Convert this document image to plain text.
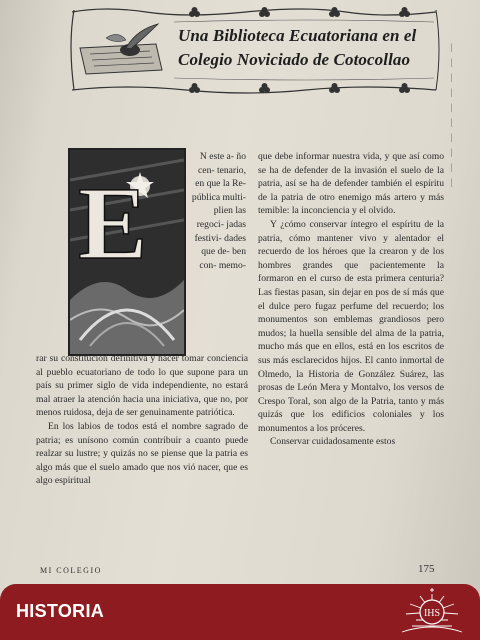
Una Biblioteca Ecuatoriana en el
Colegio Noviciado de Cotocollao
|
|
|
|
|
|
|
|
|
|
E

N este a- ño cen- tenario, en que la Re- pública multi- plien las regoci- jadas festivi- dades que de- ben con- memo-

rar su constitución definitiva y hacer tomar conciencia al pueblo ecuatoriano de todo lo que supone para un país su primer siglo de vida independiente, no estará mal atraer la atención hacia una iniciativa, que no, por menos ruidosa, deja de ser genuinamente patriótica.

En los labios de todos está el nombre sagrado de patria; es unísono común contribuir a cuanto puede realzar su lustre; y quizás no se piense que la patria es algo más que el suelo amado que nos vió nacer, que es algo espiritual

que debe informar nuestra vida, y que así como se ha de defender de la invasión el suelo de la patria, así se ha de defender también el espíritu de la patria de otro enemigo más artero y más temible: la inconciencia y el olvido.

Y ¿cómo conservar íntegro el espíritu de la patria, cómo mantener vivo y alentador el recuerdo de los héroes que la crearon y de los hombres grandes que pacientemente la formaron en el curso de esta primera centuria? Las fiestas pasan, sin dejar en pos de sí más que el dulce pero fugaz perfume del recuerdo; los monumentos son emblemas grandiosos pero mudos; la huella sensible del alma de la patria, mucho más que en ellos, está en los escritos de sus más esclarecidos hijos. El canto inmortal de Olmedo, la Historia de González Suárez, las prosas de León Mera y Montalvo, los versos de Crespo Toral, son algo de la Patria, tanto y más quizás que los edificios coloniales y los monumentos a los próceres.

Conservar cuidadosamente estos

MI COLEGIO	175
HISTORIA	IHS
